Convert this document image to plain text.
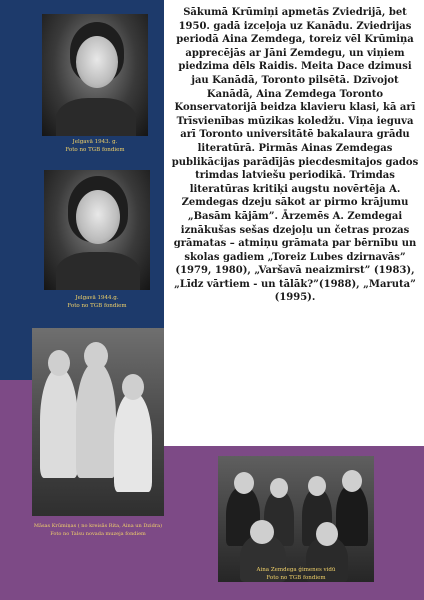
Sākumā Krūmiņi apmetās Zviedrijā, bet 1950. gadā izceļoja uz Kanādu. Zviedrijas periodā Aina Zemdega, toreiz vēl Krūmiņa apprecējās ar Jāni Zemdegu, un viņiem piedzima dēls Raidis. Meita Dace dzimusi jau Kanādā, Toronto pilsētā. Dzīvojot Kanādā, Aina Zemdega Toronto Konservatorijā beidza klavieru klasi, kā arī Trīsvienības mūzikas koledžu. Viņa ieguva arī Toronto universitātē bakalaura grādu literatūrā. Pirmās Ainas Zemdegas publikācijas parādījās piecdesmitajos gados trimdas latviešu periodikā. Trimdas literatūras kritiķi augstu novērtēja A. Zemdegas dzeju sākot ar pirmo krājumu „Basām kājām”. Ārzemēs A. Zemdegai iznākušas sešas dzejoļu un četras prozas grāmatas – atmiņu grāmata par bērnību un skolas gadiem „Toreiz Lubes dzirnavās” (1979, 1980), „Varšavā neaizmirst” (1983), „Līdz vārtiem - un tālāk?”(1988), „Maruta” (1995).

Jelgavā 1943. g.
Foto no TGB fondiem
Jelgavā 1944.g.
Foto no TGB fondiem
Māsas Krūmiņas ( no kreisās Rita, Aina un Dzidra)
Foto no Talsu novada muzeja fondiem
Aina Zemdega ģimenes vidū
Foto no TGB fondiem
